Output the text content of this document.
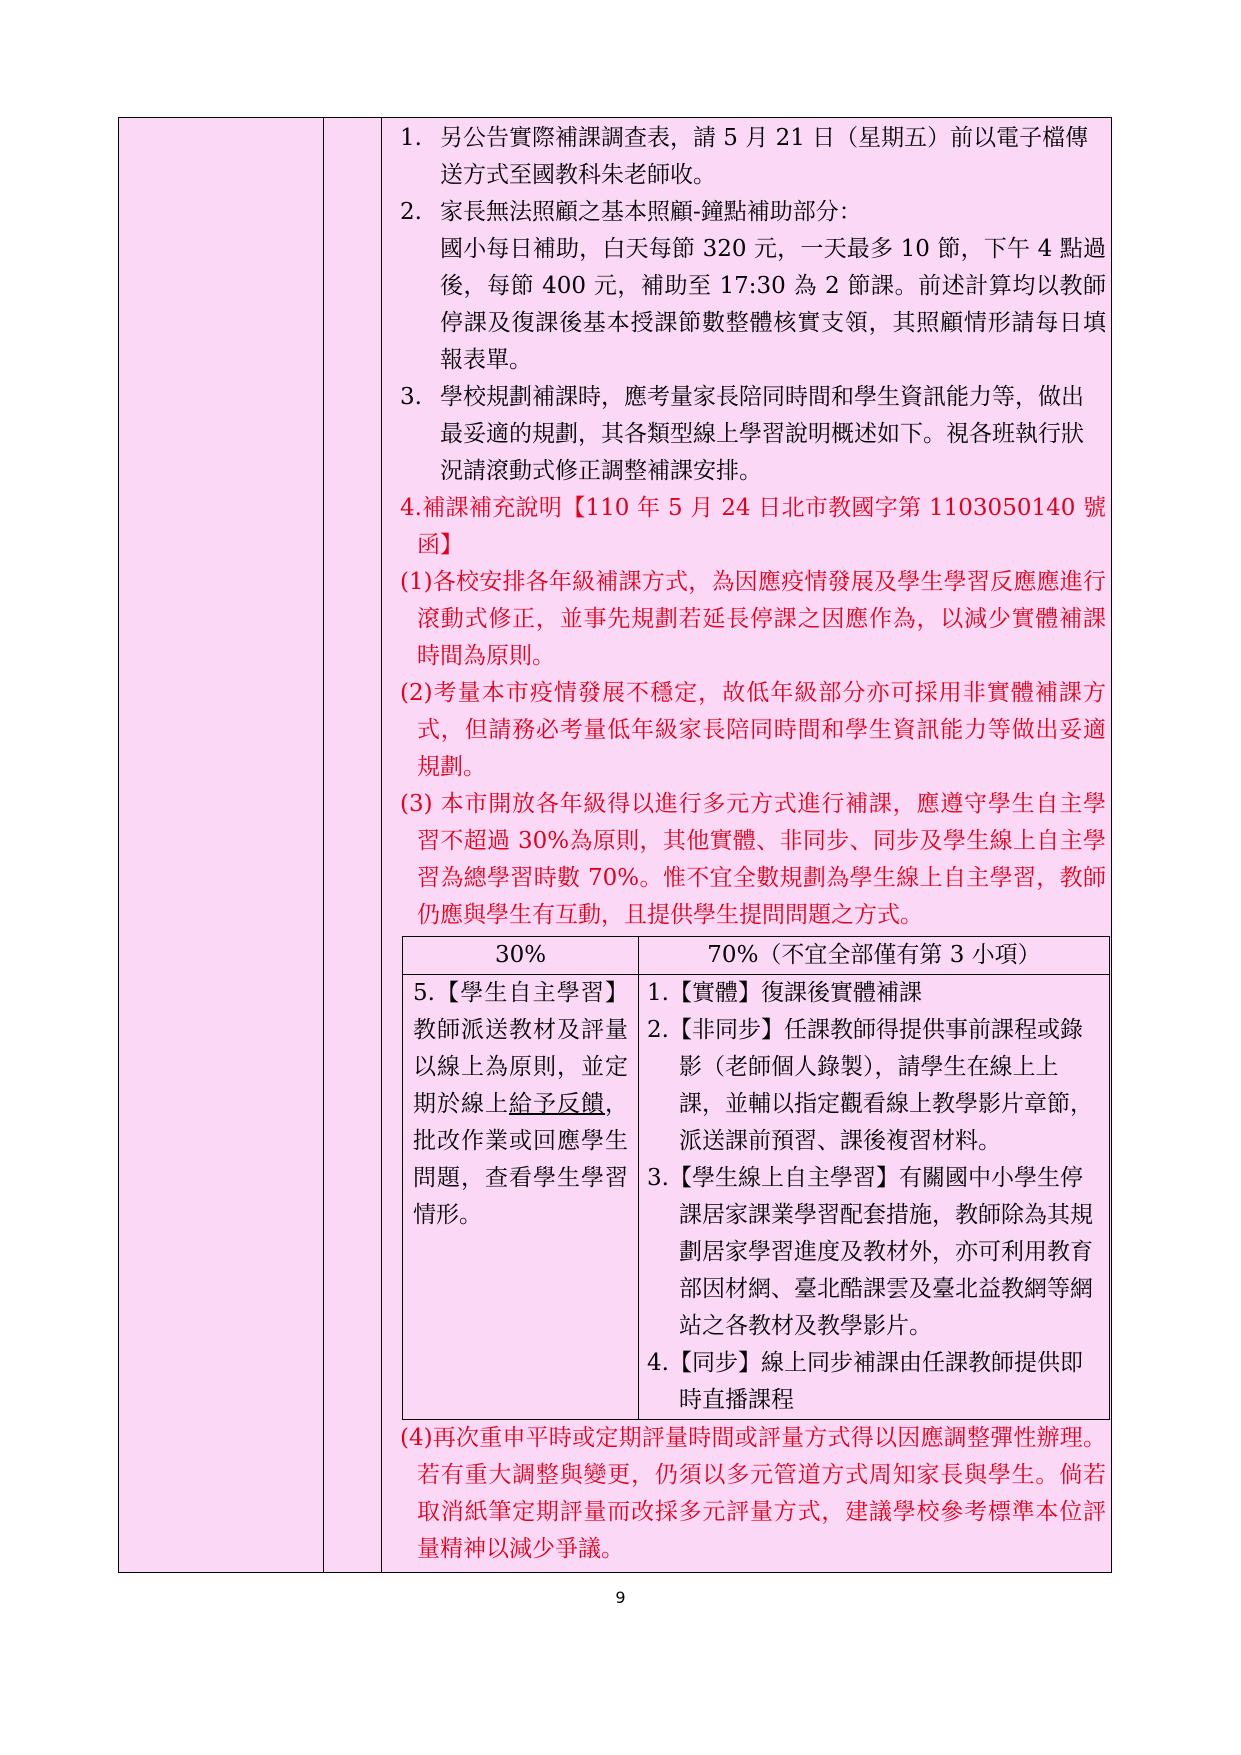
1. 另公告實際補課調查表，請 5 月 21 日（星期五）前以電子檔傳送方式至國教科朱老師收。

2. 家長無法照顧之基本照顧-鐘點補助部分：

國小每日補助，白天每節 320 元，一天最多 10 節，下午 4 點過後，每節 400 元，補助至 17:30 為 2 節課。前述計算均以教師停課及復課後基本授課節數整體核實支領，其照顧情形請每日填報表單。

3. 學校規劃補課時，應考量家長陪同時間和學生資訊能力等，做出最妥適的規劃，其各類型線上學習說明概述如下。視各班執行狀況請滾動式修正調整補課安排。

4.補課補充說明【110 年 5 月 24 日北市教國字第 1103050140 號函】

(1)各校安排各年級補課方式，為因應疫情發展及學生學習反應應進行滾動式修正，並事先規劃若延長停課之因應作為，以減少實體補課時間為原則。

(2)考量本市疫情發展不穩定，故低年級部分亦可採用非實體補課方式，但請務必考量低年級家長陪同時間和學生資訊能力等做出妥適規劃。

(3) 本市開放各年級得以進行多元方式進行補課，應遵守學生自主學習不超過 30%為原則，其他實體、非同步、同步及學生線上自主學習為總學習時數 70%。惟不宜全數規劃為學生線上自主學習，教師仍應與學生有互動，且提供學生提問問題之方式。

30%	70%（不宜全部僅有第 3 小項）
5.【學生自主學習】教師派送教材及評量以線上為原則，並定期於線上給予反饋，批改作業或回應學生問題，查看學生學習情形。	1.【實體】復課後實體補課

2.【非同步】任課教師得提供事前課程或錄影（老師個人錄製），請學生在線上上課，並輔以指定觀看線上教學影片章節，派送課前預習、課後複習材料。

3.【學生線上自主學習】有關國中小學生停課居家課業學習配套措施，教師除為其規劃居家學習進度及教材外，亦可利用教育部因材網、臺北酷課雲及臺北益教網等網站之各教材及教學影片。

4.【同步】線上同步補課由任課教師提供即時直播課程

(4)再次重申平時或定期評量時間或評量方式得以因應調整彈性辦理。若有重大調整與變更，仍須以多元管道方式周知家長與學生。倘若取消紙筆定期評量而改採多元評量方式，建議學校參考標準本位評量精神以減少爭議。

9
